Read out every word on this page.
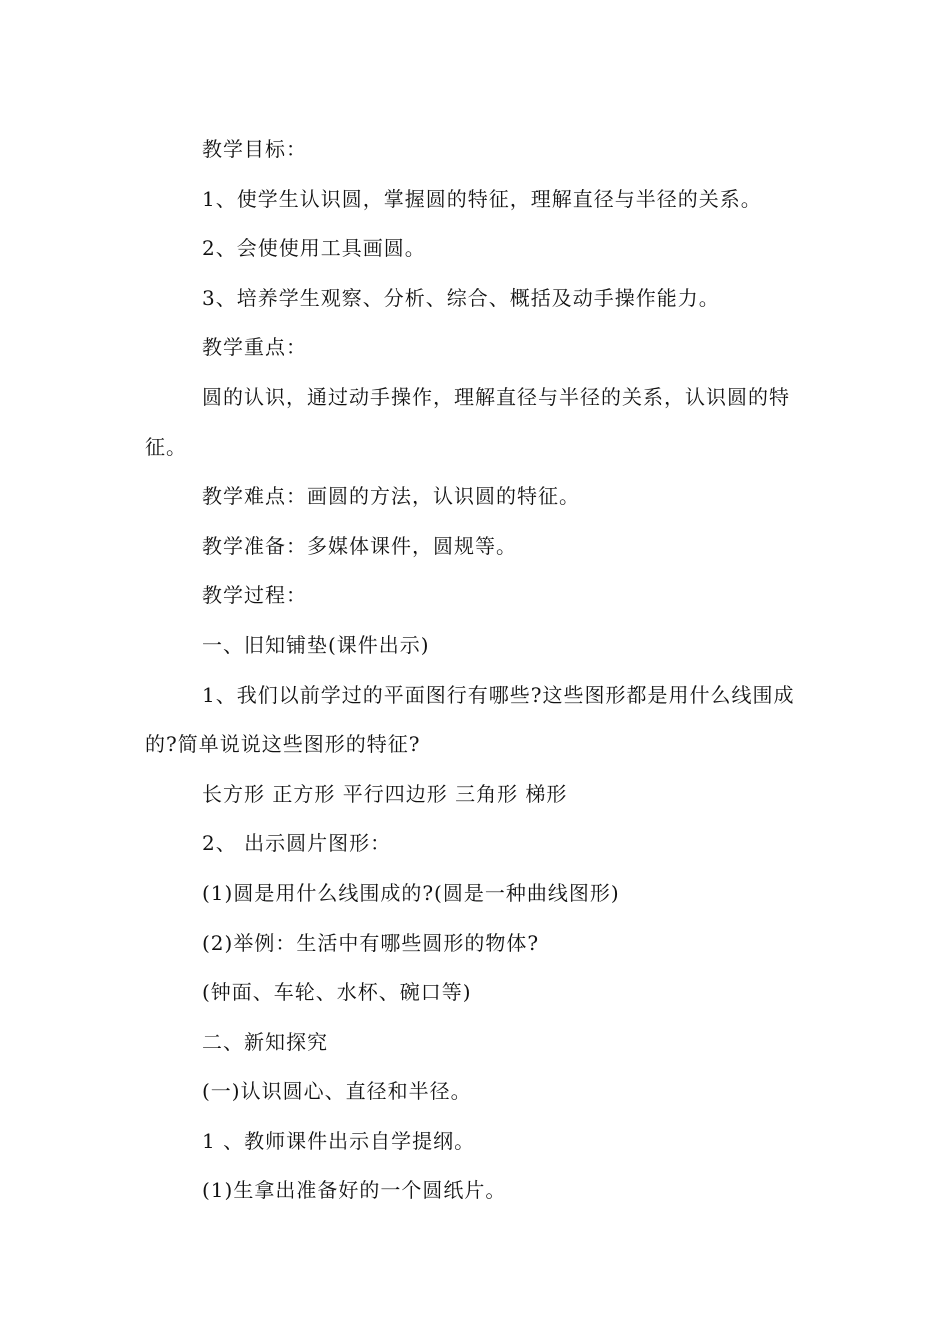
教学目标：

1、使学生认识圆，掌握圆的特征，理解直径与半径的关系。

2、会使使用工具画圆。

3、培养学生观察、分析、综合、概括及动手操作能力。

教学重点：

圆的认识，通过动手操作，理解直径与半径的关系，认识圆的特征。

教学难点：画圆的方法，认识圆的特征。

教学准备：多媒体课件，圆规等。

教学过程：

一、旧知铺垫(课件出示)

1、我们以前学过的平面图行有哪些?这些图形都是用什么线围成的?简单说说这些图形的特征?

长方形 正方形 平行四边形 三角形 梯形

2、 出示圆片图形：

(1)圆是用什么线围成的?(圆是一种曲线图形)

(2)举例：生活中有哪些圆形的物体?

(钟面、车轮、水杯、碗口等)

二、新知探究

(一)认识圆心、直径和半径。

1 、教师课件出示自学提纲。

(1)生拿出准备好的一个圆纸片。
